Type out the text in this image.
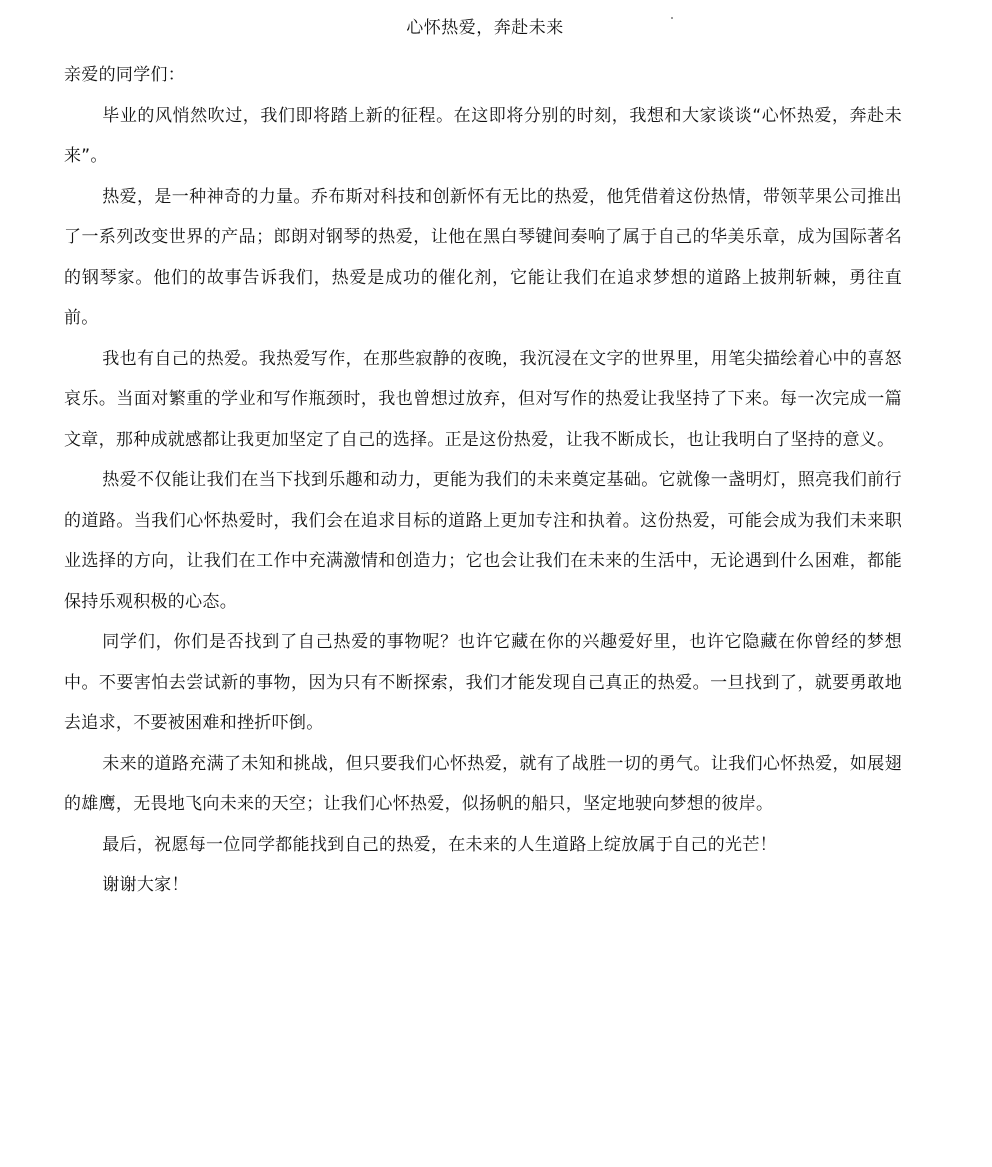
心怀热爱，奔赴未来

亲爱的同学们：

毕业的风悄然吹过，我们即将踏上新的征程。在这即将分别的时刻，我想和大家谈谈“心怀热爱，奔赴未来”。

热爱，是一种神奇的力量。乔布斯对科技和创新怀有无比的热爱，他凭借着这份热情，带领苹果公司推出了一系列改变世界的产品；郎朗对钢琴的热爱，让他在黑白琴键间奏响了属于自己的华美乐章，成为国际著名的钢琴家。他们的故事告诉我们，热爱是成功的催化剂，它能让我们在追求梦想的道路上披荆斩棘，勇往直前。

我也有自己的热爱。我热爱写作，在那些寂静的夜晚，我沉浸在文字的世界里，用笔尖描绘着心中的喜怒哀乐。当面对繁重的学业和写作瓶颈时，我也曾想过放弃，但对写作的热爱让我坚持了下来。每一次完成一篇文章，那种成就感都让我更加坚定了自己的选择。正是这份热爱，让我不断成长，也让我明白了坚持的意义。

热爱不仅能让我们在当下找到乐趣和动力，更能为我们的未来奠定基础。它就像一盏明灯，照亮我们前行的道路。当我们心怀热爱时，我们会在追求目标的道路上更加专注和执着。这份热爱，可能会成为我们未来职业选择的方向，让我们在工作中充满激情和创造力；它也会让我们在未来的生活中，无论遇到什么困难，都能保持乐观积极的心态。

同学们，你们是否找到了自己热爱的事物呢？也许它藏在你的兴趣爱好里，也许它隐藏在你曾经的梦想中。不要害怕去尝试新的事物，因为只有不断探索，我们才能发现自己真正的热爱。一旦找到了，就要勇敢地去追求，不要被困难和挫折吓倒。

未来的道路充满了未知和挑战，但只要我们心怀热爱，就有了战胜一切的勇气。让我们心怀热爱，如展翅的雄鹰，无畏地飞向未来的天空；让我们心怀热爱，似扬帆的船只，坚定地驶向梦想的彼岸。

最后，祝愿每一位同学都能找到自己的热爱，在未来的人生道路上绽放属于自己的光芒！

谢谢大家！
